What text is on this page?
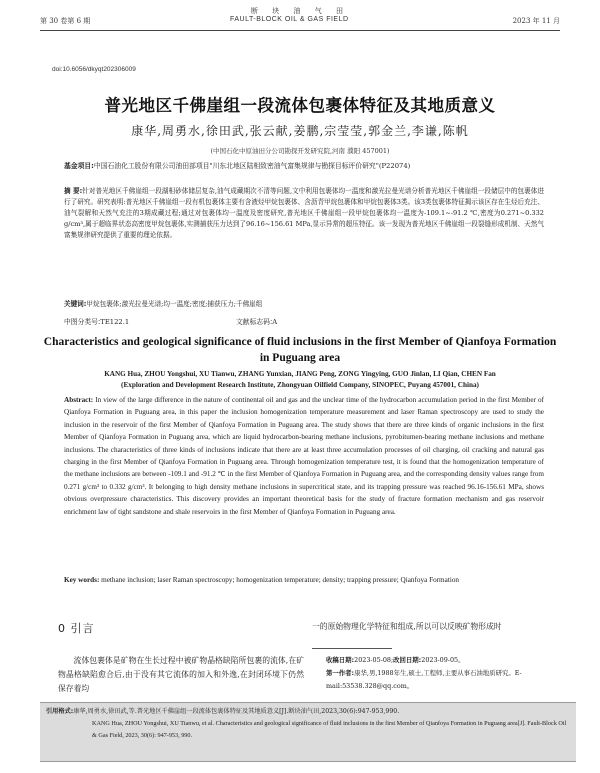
断 块 油 气 田
第 30 卷第 6 期	FAULT-BLOCK OIL & GAS FIELD	2023 年 11 月
doi:10.6056/dkyqt202306009
普光地区千佛崖组一段流体包裹体特征及其地质意义
康华,周勇水,徐田武,张云献,姜鹏,宗莹莹,郭金兰,李谦,陈帆
(中国石化中原油田分公司勘探开发研究院,河南 濮阳 457001)
基金项目:中国石油化工股份有限公司油田部项目"川东北地区陆相致密油气富集规律与勘探目标评价研究"(P22074)
摘 要:针对普光地区千佛崖组一段湖相砂体储层复杂,油气成藏期次不清等问题,文中利用包裹体均一温度和激光拉曼光谱分析普光地区千佛崖组一段储层中的包裹体进行了研究。研究表明:普光地区千佛崖组一段有机包裹体主要有含液烃甲烷包裹体、含沥青甲烷包裹体和甲烷包裹体3类。该3类包裹体特征揭示该区存在生烃后充注、油气裂解和天然气充注的3期成藏过程;通过对包裹体均一温度及密度研究,普光地区千佛崖组一段甲烷包裹体均一温度为-109.1~-91.2 ℃,密度为0.271~0.332 g/cm³,属于超临界状态高密度甲烷包裹体,实测捕获压力达到了96.16~156.61 MPa,显示异常的超压特征。该一发现为普光地区千佛崖组一段裂缝形成机制、天然气富集规律研究提供了重要的理论依据。
关键词:甲烷包裹体;激光拉曼光谱;均一温度;密度;捕获压力;千佛崖组
中图分类号:TE122.1	文献标志码:A
Characteristics and geological significance of fluid inclusions in the first Member of Qianfoya Formation in Puguang area
KANG Hua, ZHOU Yongshui, XU Tianwu, ZHANG Yunxian, JIANG Peng, ZONG Yingying, GUO Jinlan, LI Qian, CHEN Fan
(Exploration and Development Research Institute, Zhongyuan Oilfield Company, SINOPEC, Puyang 457001, China)
Abstract: In view of the large difference in the nature of continental oil and gas and the unclear time of the hydrocarbon accumulation period in the first Member of Qianfoya Formation in Puguang area, in this paper the inclusion homogenization temperature measurement and laser Raman spectroscopy are used to study the inclusion in the reservoir of the first Member of Qianfoya Formation in Puguang area. The study shows that there are three kinds of organic inclusions in the first Member of Qianfoya Formation in Puguang area, which are liquid hydrocarbon-bearing methane inclusions, pyrobitumen-bearing methane inclusions and methane inclusions. The characteristics of three kinds of inclusions indicate that there are at least three accumulation processes of oil charging, oil cracking and natural gas charging in the first Member of Qianfoya Formation in Puguang area. Through homogenization temperature test, it is found that the homogenization temperature of the methane inclusions are between -109.1 and -91.2 ℃ in the first Member of Qianfoya Formation in Puguang area, and the corresponding density values range from 0.271 g/cm³ to 0.332 g/cm³. It belonging to high density methane inclusions in supercritical state, and its trapping pressure was reached 96.16-156.61 MPa, shows obvious overpressure characteristics. This discovery provides an important theoretical basis for the study of fracture formation mechanism and gas reservoir enrichment law of tight sandstone and shale reservoirs in the first Member of Qianfoya Formation in Puguang area.
Key words: methane inclusion; laser Raman spectroscopy; homogenization temperature; density; trapping pressure; Qianfoya Formation
0 引言
流体包裹体是矿物在生长过程中被矿物晶格缺陷所包裹的流体,在矿物晶格缺陷愈合后,由于没有其它流体的加入和外逸,在封闭环境下仍然保存着均
一的原始物理化学特征和组成,所以可以反映矿物形成时
收稿日期:2023-05-08;改回日期:2023-09-05。
第一作者:康华,男,1988年生,硕士,工程师,主要从事石油地质研究。E-mail:53538.328@qq.com。
引用格式:康华,周勇水,徐田武,等.普光地区千佛崖组一段流体包裹体特征及其地质意义[J].断块油气田,2023,30(6):947-953,990.
KANG Hua, ZHOU Yongshui, XU Tianwu, et al. Characteristics and geological significance of fluid inclusions in the first Member of Qianfoya Formation in Puguang area[J]. Fault-Block Oil & Gas Field, 2023, 30(6): 947-953, 990.
